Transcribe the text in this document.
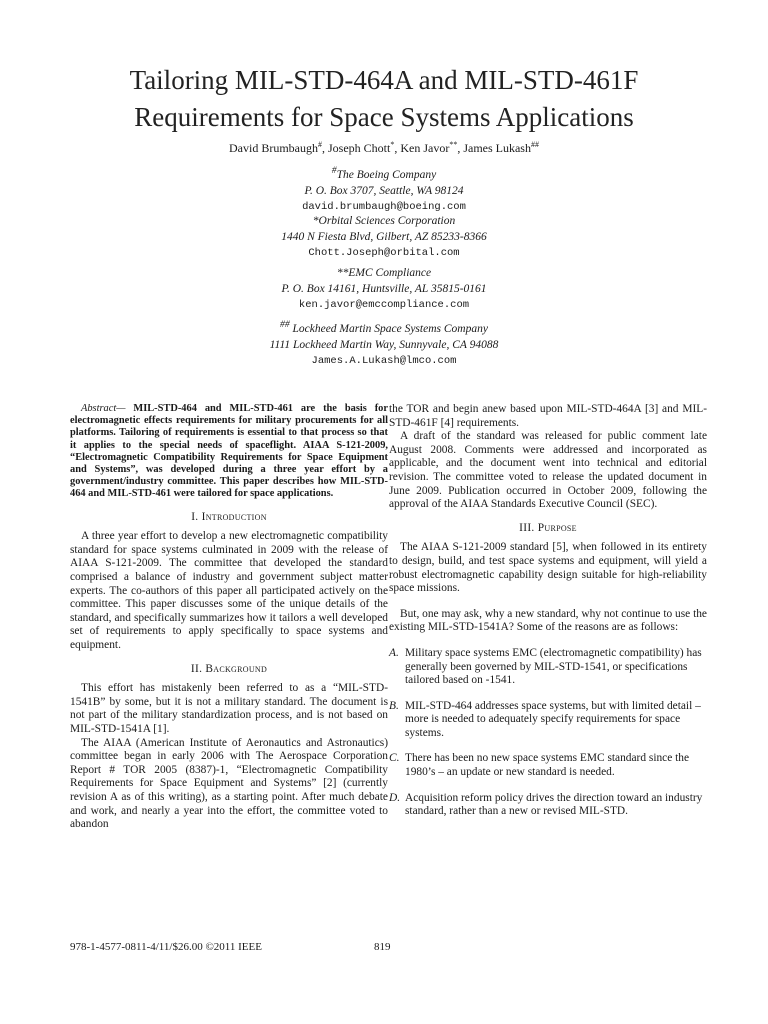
Tailoring MIL-STD-464A and MIL-STD-461F
Requirements for Space Systems Applications
David Brumbaugh#, Joseph Chott*, Ken Javor**, James Lukash##
#The Boeing Company
P. O. Box 3707, Seattle, WA 98124
david.brumbaugh@boeing.com
*Orbital Sciences Corporation
1440 N Fiesta Blvd, Gilbert, AZ 85233-8366
Chott.Joseph@orbital.com
**EMC Compliance
P. O. Box 14161, Huntsville, AL 35815-0161
ken.javor@emccompliance.com
## Lockheed Martin Space Systems Company
1111 Lockheed Martin Way, Sunnyvale, CA 94088
James.A.Lukash@lmco.com

Abstract— MIL-STD-464 and MIL-STD-461 are the basis for electromagnetic effects requirements for military procurements for all platforms. Tailoring of requirements is essential to that process so that it applies to the special needs of spaceflight. AIAA S-121-2009, “Electromagnetic Compatibility Requirements for Space Equipment and Systems”, was developed during a three year effort by a government/industry committee. This paper describes how MIL-STD-464 and MIL-STD-461 were tailored for space applications.

I. Introduction

A three year effort to develop a new electromagnetic compatibility standard for space systems culminated in 2009 with the release of AIAA S-121-2009. The committee that developed the standard comprised a balance of industry and government subject matter experts. The co-authors of this paper all participated actively on the committee. This paper discusses some of the unique details of the standard, and specifically summarizes how it tailors a well developed set of requirements to apply specifically to space systems and equipment.

II. Background

This effort has mistakenly been referred to as a “MIL-STD-1541B” by some, but it is not a military standard. The document is not part of the military standardization process, and is not based on MIL-STD-1541A [1].

The AIAA (American Institute of Aeronautics and Astronautics) committee began in early 2006 with The Aerospace Corporation Report # TOR 2005 (8387)-1, “Electromagnetic Compatibility Requirements for Space Equipment and Systems” [2] (currently revision A as of this writing), as a starting point. After much debate and work, and nearly a year into the effort, the committee voted to abandon

the TOR and begin anew based upon MIL-STD-464A [3] and MIL-STD-461F [4] requirements.

A draft of the standard was released for public comment late August 2008. Comments were addressed and incorporated as applicable, and the document went into technical and editorial revision. The committee voted to release the updated document in June 2009. Publication occurred in October 2009, following the approval of the AIAA Standards Executive Council (SEC).

III. Purpose

The AIAA S-121-2009 standard [5], when followed in its entirety to design, build, and test space systems and equipment, will yield a robust electromagnetic capability design suitable for high-reliability space missions.

But, one may ask, why a new standard, why not continue to use the existing MIL-STD-1541A? Some of the reasons are as follows:

A. Military space systems EMC (electromagnetic compatibility) has generally been governed by MIL-STD-1541, or specifications tailored based on -1541.
B. MIL-STD-464 addresses space systems, but with limited detail – more is needed to adequately specify requirements for space systems.
C. There has been no new space systems EMC standard since the 1980’s – an update or new standard is needed.
D. Acquisition reform policy drives the direction toward an industry standard, rather than a new or revised MIL-STD.
978-1-4577-0811-4/11/$26.00 ©2011 IEEE	819
